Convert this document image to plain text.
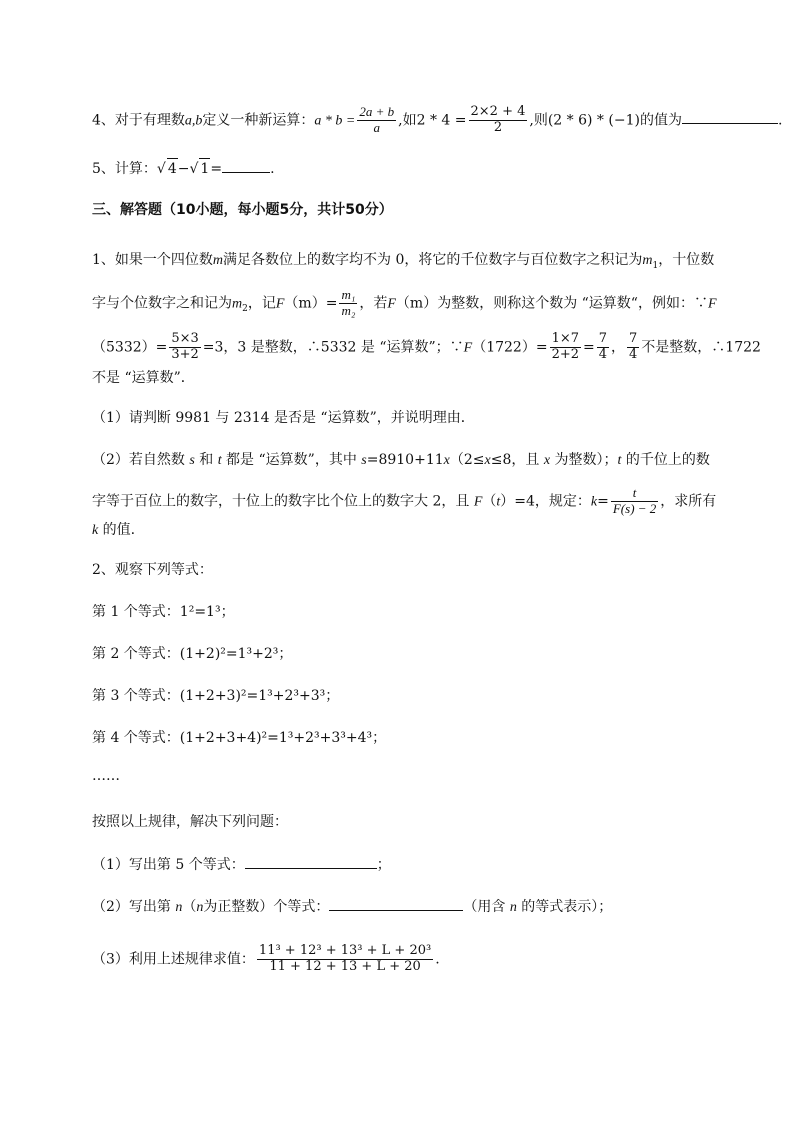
4、对于有理数a,b定义一种新运算：$a * b = \frac{2a + b}{a}$ ,如$2 * 4 = \frac{2\times 2 + 4}{2}$ ,则(2 * 6) * (−1)的值为	.
5、计算：√ 4−√ 1=	.
三、解答题（10小题，每小题5分，共计50分）
1、如果一个四位数m满足各数位上的数字均不为 0，将它的千位数字与百位数字之积记为$m_1$，十位数
字与个位数字之和记为$m_2$，记$F(m)= \frac{\text{m₁}}{\text{m₂}}$ ，若F（m）为整数，则称这个数为 “运算数“，例如：∵F
$(5332)= \frac{5\times 3}{3+2} =3$，3 是整数，∴5332 是 “运算数”；∵F（1722）= $\frac{1\times 7}{2+2} = \frac{7}{4}$ ， $\frac{7}{4}$ 不是整数，∴1722
不是 “运算数”．
（1）请判断 9981 与 2314 是否是 “运算数”，并说明理由．
（2）若自然数 s 和 t 都是 “运算数”，其中 s=8910+11x（2≤x≤8，且 x 为整数）；t 的千位上的数
字等于百位上的数字，十位上的数字比个位上的数字大 2，且 F（t）=4，规定：$k= \frac{t}{F(s) - 2}$ ，求所有
k 的值.
2、观察下列等式：
第 1 个等式：1²=1³；
第 2 个等式：(1+2)²=1³+2³；
第 3 个等式：(1+2+3)²=1³+2³+3³；
第 4 个等式：(1+2+3+4)²=1³+2³+3³+4³；
……
按照以上规律，解决下列问题：
（1）写出第 5 个等式：	；
（2）写出第 n（n为正整数）个等式：	（用含 n 的等式表示）；
（3）利用上述规律求值： $\frac{\text{11³ + 12³ + 13³ + L + 20³}}{11 + 12 + 13 + L + 20}$ .
